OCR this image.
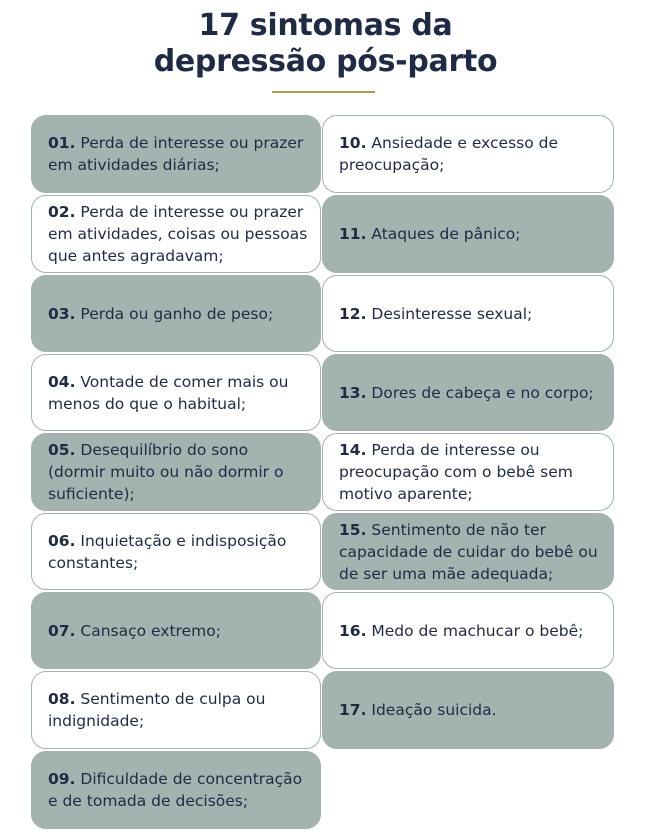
17 sintomas da
depressão pós-parto
01. Perda de interesse ou prazer em atividades diárias;
02. Perda de interesse ou prazer em atividades, coisas ou pessoas que antes agradavam;
03. Perda ou ganho de peso;
04. Vontade de comer mais ou menos do que o habitual;
05. Desequilíbrio do sono (dormir muito ou não dormir o suficiente);
06. Inquietação e indisposição constantes;
07. Cansaço extremo;
08. Sentimento de culpa ou indignidade;
09. Dificuldade de concentração e de tomada de decisões;
10. Ansiedade e excesso de preocupação;
11. Ataques de pânico;
12. Desinteresse sexual;
13. Dores de cabeça e no corpo;
14. Perda de interesse ou preocupação com o bebê sem motivo aparente;
15. Sentimento de não ter capacidade de cuidar do bebê ou de ser uma mãe adequada;
16. Medo de machucar o bebê;
17. Ideação suicida.
